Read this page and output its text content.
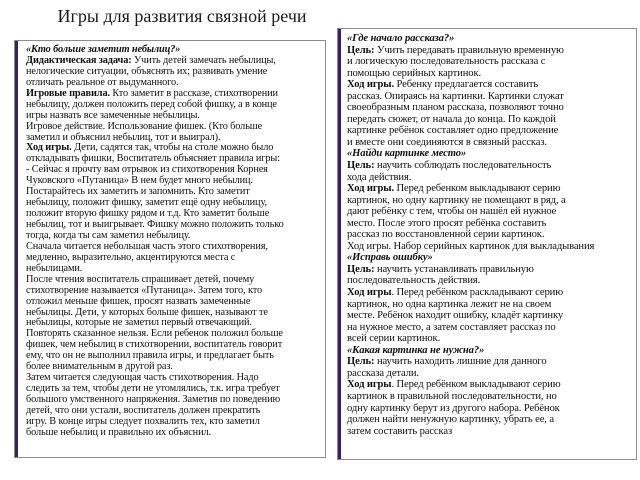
Игры для развития связной речи
«Кто больше заметит небылиц?»
Дидактическая задача: Учить детей замечать небылицы,
нелогические ситуации, объяснять их; развивать умение
отличать реальное от выдуманного.
Игровые правила. Кто заметит в рассказе, стихотворении
небылицу, должен положить перед собой фишку, а в конце
игры назвать все замеченные небылицы.
Игровое действие. Использование фишек. (Кто больше
заметил и объяснил небылиц, тот и выиграл).
Ход игры. Дети, садятся так, чтобы на столе можно было
откладывать фишки, Воспитатель объясняет правила игры:
- Сейчас я прочту вам отрывок из стихотворения Корнея
Чуковского «Путаница» В нем будет много небылиц.
Постарайтесь их заметить и запомнить. Кто заметит
небылицу, положит фишку, заметит ещё одну небылицу,
положит вторую фишку рядом и т.д. Кто заметит больше
небылиц, тот и выигрывает. Фишку можно положить только
тогда, когда ты сам заметил небылицу.
Сначала читается небольшая часть этого стихотворения,
медленно, выразительно, акцентируются места с
небылицами.
После чтения воспитатель спрашивает детей, почему
стихотворение называется «Путаница». Затем того, кто
отложил меньше фишек, просят назвать замеченные
небылицы. Дети, у которых больше фишек, называют те
небылицы, которые не заметил первый отвечающий.
Повторять сказанное нельзя. Если ребенок положил больше
фишек, чем небылиц в стихотворении, воспитатель говорит
ему, что он не выполнил правила игры, и предлагает быть
более внимательным в другой раз.
Затем читается следующая часть стихотворения. Надо
следить за тем, чтобы дети не утомлялись, т.к. игра требует
большого умственного напряжения. Заметив по поведению
детей, что они устали, воспитатель должен прекратить
игру. В конце игры следует похвалить тех, кто заметил
больше небылиц и правильно их объяснил.
«Где начало рассказа?»
Цель: Учить передавать правильную временную
и логическую последовательность рассказа с
помощью серийных картинок.
Ход игры. Ребенку предлагается составить
рассказ. Опираясь на картинки. Картинки служат
своеобразным планом рассказа, позволяют точно
передать сюжет, от начала до конца. По каждой
картинке ребёнок составляет одно предложение
и вместе они соединяются в связный рассказ.
«Найди картинке место»
Цель: научить соблюдать последовательность
хода действия.
Ход игры. Перед ребенком выкладывают серию
картинок, но одну картинку не помещают в ряд, а
дают ребёнку с тем, чтобы он нашёл ей нужное
место. После этого просят ребёнка составить
рассказ по восстановленной серии картинок.
Ход игры. Набор серийных картинок для выкладывания
«Исправь ошибку»
Цель: научить устанавливать правильную
последовательность действия.
Ход игры. Перед ребёнком раскладывают серию
картинок, но одна картинка лежит не на своем
месте. Ребёнок находит ошибку, кладёт картинку
на нужное место, а затем составляет рассказ по
всей серии картинок.
«Какая картинка не нужна?»
Цель: научить находить лишние для данного
рассказа детали.
Ход игры. Перед ребёнком выкладывают серию
картинок в правильной последовательности, но
одну картинку берут из другого набора. Ребёнок
должен найти ненужную картинку, убрать ее, а
затем составить рассказ
